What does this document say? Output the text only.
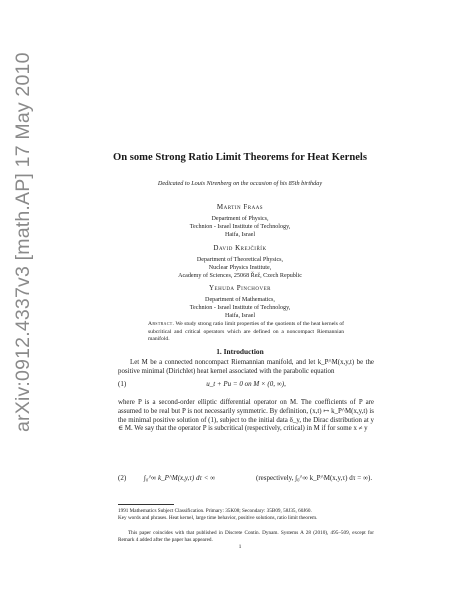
arXiv:0912.4337v3 [math.AP] 17 May 2010	On some Strong Ratio Limit Theorems for Heat Kernels
Dedicated to Louis Nirenberg on the occasion of his 85th birthday
Martin Fraas
Department of Physics,
Technion - Israel Institute of Technology,
Haifa, Israel
David Krejčiřík
Department of Theoretical Physics,
Nuclear Physics Institute,
Academy of Sciences, 25068 Řež, Czech Republic
Yehuda Pinchover
Department of Mathematics,
Technion - Israel Institute of Technology,
Haifa, Israel
Abstract. We study strong ratio limit properties of the quotients of the heat kernels of subcritical and critical operators which are defined on a noncompact Riemannian manifold.
1. Introduction
Let M be a connected noncompact Riemannian manifold, and let k_P^M(x,y,t) be the positive minimal (Dirichlet) heat kernel associated with the parabolic equation
(1)	u_t + Pu = 0 on M × (0, ∞),
where P is a second-order elliptic differential operator on M. The coefficients of P are assumed to be real but P is not necessarily symmetric. By definition, (x,t) ↦ k_P^M(x,y,t) is the minimal positive solution of (1), subject to the initial data δ_y, the Dirac distribution at y ∈ M. We say that the operator P is subcritical (respectively, critical) in M if for some x ≠ y
(2)	∫₀^∞ k_P^M(x,y,τ) dτ < ∞	(respectively, ∫₀^∞ k_P^M(x,y,τ) dτ = ∞).
1991 Mathematics Subject Classification. Primary: 35K08; Secondary: 35B09, 58J35, 60J60.
Key words and phrases. Heat kernel, large time behavior, positive solutions, ratio limit theorem.
This paper coincides with that published in Discrete Contin. Dynam. Systems A 28 (2010), 495–509, except for Remark 4 added after the paper has appeared.
1
